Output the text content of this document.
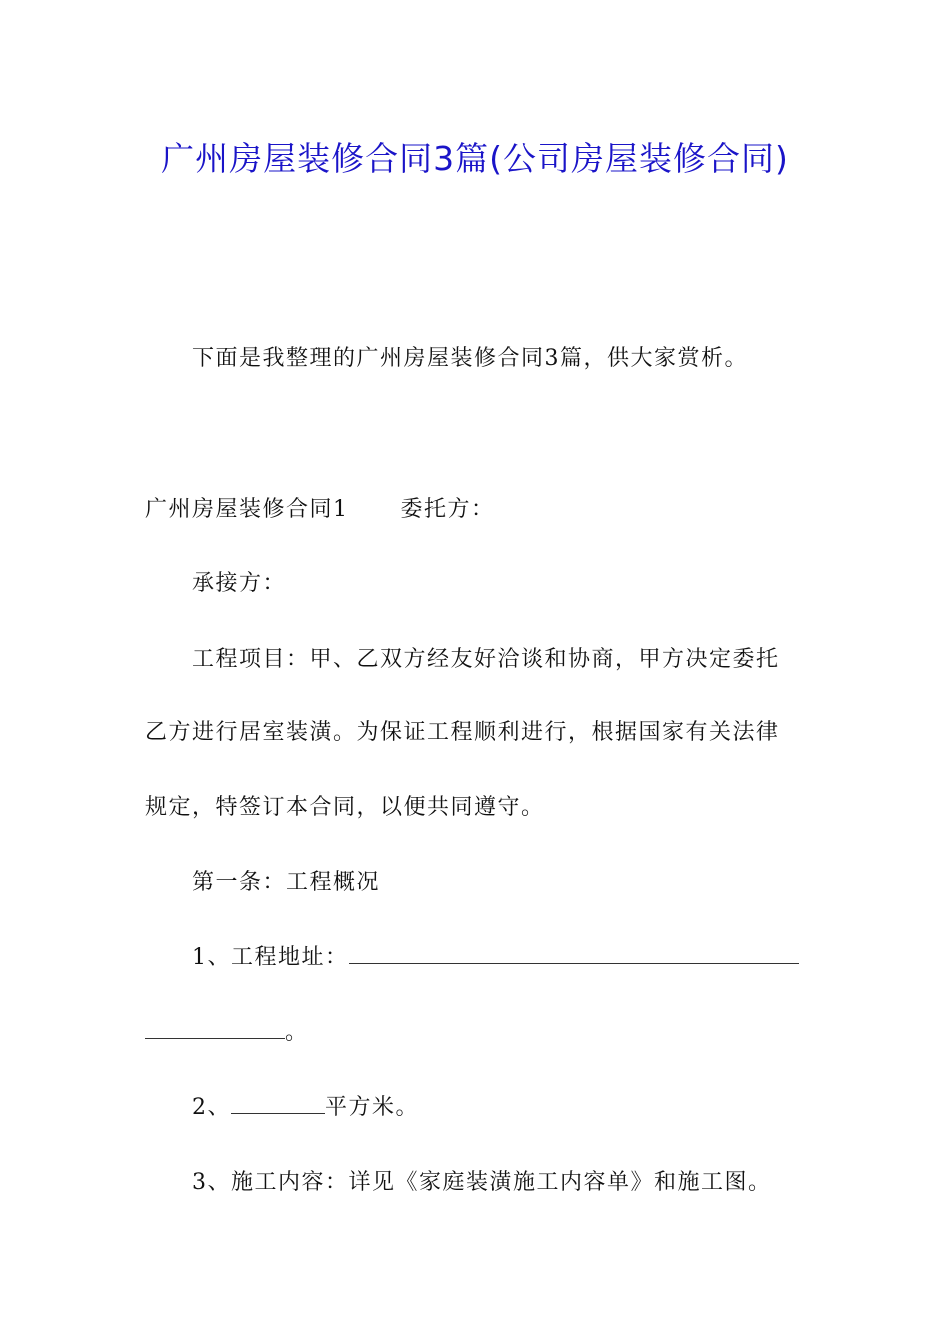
广州房屋装修合同3篇(公司房屋装修合同)
下面是我整理的广州房屋装修合同3篇，供大家赏析。
广州房屋装修合同1 委托方：
承接方：
工程项目：甲、乙双方经友好洽谈和协商，甲方决定委托
乙方进行居室装潢。为保证工程顺利进行，根据国家有关法律
规定，特签订本合同，以便共同遵守。
第一条：工程概况
1、工程地址：
。
2、	平方米。
3、施工内容：详见《家庭装潢施工内容单》和施工图。
